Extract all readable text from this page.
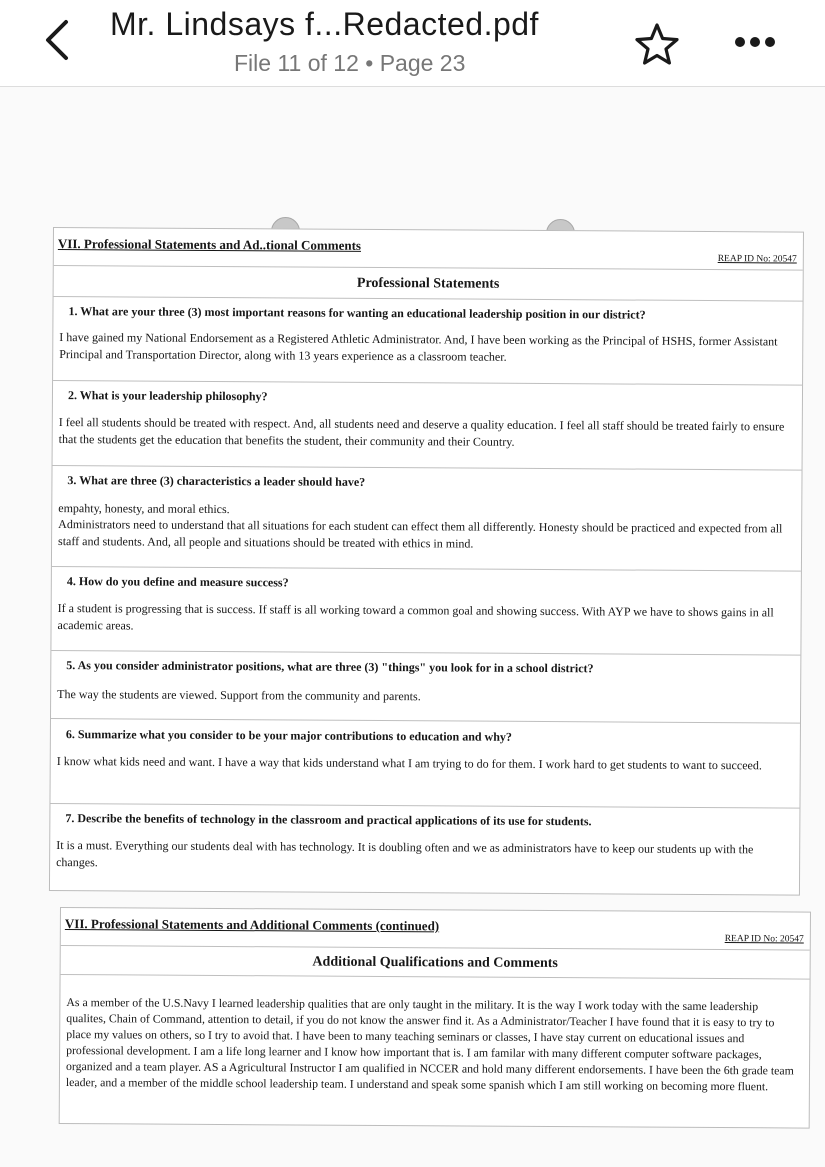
Mr. Lindsays f...Redacted.pdf
File 11 of 12 • Page 23
VII. Professional Statements and Ad..tional Comments
REAP ID No: 20547
Professional Statements
1. What are your three (3) most important reasons for wanting an educational leadership position in our district?
I have gained my National Endorsement as a Registered Athletic Administrator. And, I have been working as the Principal of HSHS, former Assistant Principal and Transportation Director, along with 13 years experience as a classroom teacher.
2. What is your leadership philosophy?
I feel all students should be treated with respect. And, all students need and deserve a quality education. I feel all staff should be treated fairly to ensure that the students get the education that benefits the student, their community and their Country.
3. What are three (3) characteristics a leader should have?
empahty, honesty, and moral ethics.
Administrators need to understand that all situations for each student can effect them all differently. Honesty should be practiced and expected from all staff and students. And, all people and situations should be treated with ethics in mind.
4. How do you define and measure success?
If a student is progressing that is success. If staff is all working toward a common goal and showing success. With AYP we have to shows gains in all academic areas.
5. As you consider administrator positions, what are three (3) "things" you look for in a school district?
The way the students are viewed. Support from the community and parents.
6. Summarize what you consider to be your major contributions to education and why?
I know what kids need and want. I have a way that kids understand what I am trying to do for them. I work hard to get students to want to succeed.
7. Describe the benefits of technology in the classroom and practical applications of its use for students.
It is a must. Everything our students deal with has technology. It is doubling often and we as administrators have to keep our students up with the changes.
VII. Professional Statements and Additional Comments (continued)
REAP ID No: 20547
Additional Qualifications and Comments
As a member of the U.S.Navy I learned leadership qualities that are only taught in the military. It is the way I work today with the same leadership qualites, Chain of Command, attention to detail, if you do not know the answer find it. As a Administrator/Teacher I have found that it is easy to try to place my values on others, so I try to avoid that. I have been to many teaching seminars or classes, I have stay current on educational issues and professional development. I am a life long learner and I know how important that is. I am familar with many different computer software packages, organized and a team player. AS a Agricultural Instructor I am qualified in NCCER and hold many different endorsements. I have been the 6th grade team leader, and a member of the middle school leadership team. I understand and speak some spanish which I am still working on becoming more fluent.
